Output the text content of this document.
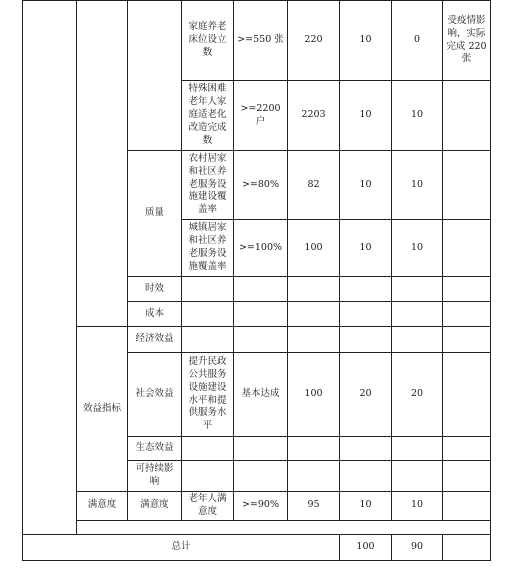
			家庭养老床位设立数	>=550 张	220	10	0	受疫情影响，实际完成 220 张

			特殊困难老年人家庭适老化改造完成数	>=2200 户	2203	10	10	
		质量	农村居家和社区养老服务设施建设覆盖率	>=80%	82	10	10	

			城镇居家和社区养老服务设施覆盖率	>=100%	100	10	10	
		时效						
		成本						
	效益指标	经济效益						
		社会效益	提升民政公共服务设施建设水平和提供服务水平	基本达成	100	20	20	
		生态效益						

		可持续影响						

	满意度	满意度	老年人满意度	>=90%	95	10	10	

总计						100	90	
